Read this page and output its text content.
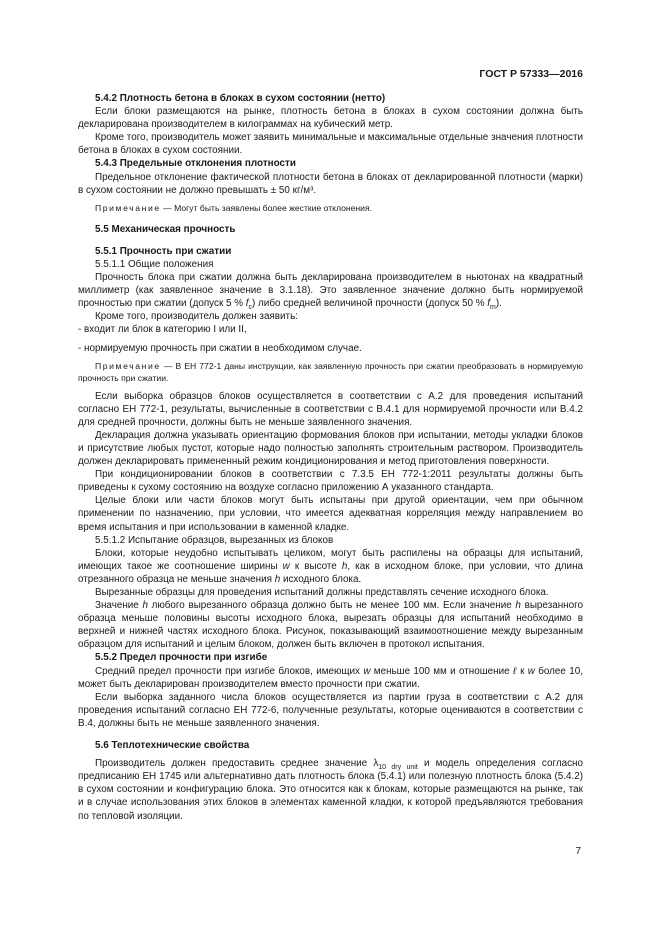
ГОСТ Р 57333—2016

5.4.2 Плотность бетона в блоках в сухом состоянии (нетто)

Если блоки размещаются на рынке, плотность бетона в блоках в сухом состоянии должна быть декларирована производителем в килограммах на кубический метр.

Кроме того, производитель может заявить минимальные и максимальные отдельные значения плотности бетона в блоках в сухом состоянии.

5.4.3 Предельные отклонения плотности

Предельное отклонение фактической плотности бетона в блоках от декларированной плотности (марки) в сухом состоянии не должно превышать ± 50 кг/м³.

Примечание — Могут быть заявлены более жесткие отклонения.

5.5 Механическая прочность

5.5.1 Прочность при сжатии

5.5.1.1 Общие положения

Прочность блока при сжатии должна быть декларирована производителем в ньютонах на квадратный миллиметр (как заявленное значение в 3.1.18). Это заявленное значение должно быть нормируемой прочностью при сжатии (допуск 5 % $f_c$) либо средней величиной прочности (допуск 50 % $f_m$).

Кроме того, производитель должен заявить:

- входит ли блок в категорию I или II,

- нормируемую прочность при сжатии в необходимом случае.

Примечание — В ЕН 772-1 даны инструкции, как заявленную прочность при сжатии преобразовать в нормируемую прочность при сжатии.

Если выборка образцов блоков осуществляется в соответствии с А.2 для проведения испытаний согласно ЕН 772-1, результаты, вычисленные в соответствии с В.4.1 для нормируемой прочности или В.4.2 для средней прочности, должны быть не меньше заявленного значения.

Декларация должна указывать ориентацию формования блоков при испытании, методы укладки блоков и присутствие любых пустот, которые надо полностью заполнять строительным раствором. Производитель должен декларировать примененный режим кондиционирования и метод приготовления поверхности.

При кондиционировании блоков в соответствии с 7.3.5 ЕН 772-1:2011 результаты должны быть приведены к сухому состоянию на воздухе согласно приложению А указанного стандарта.

Целые блоки или части блоков могут быть испытаны при другой ориентации, чем при обычном применении по назначению, при условии, что имеется адекватная корреляция между направлением во время испытания и при использовании в каменной кладке.

5.5.1.2 Испытание образцов, вырезанных из блоков

Блоки, которые неудобно испытывать целиком, могут быть распилены на образцы для испытаний, имеющих такое же соотношение ширины w к высоте h, как в исходном блоке, при условии, что длина отрезанного образца не меньше значения h исходного блока.

Вырезанные образцы для проведения испытаний должны представлять сечение исходного блока.

Значение h любого вырезанного образца должно быть не менее 100 мм. Если значение h вырезанного образца меньше половины высоты исходного блока, вырезать образцы для испытаний необходимо в верхней и нижней частях исходного блока. Рисунок, показывающий взаимоотношение между вырезанным образцом для испытаний и целым блоком, должен быть включен в протокол испытания.

5.5.2 Предел прочности при изгибе

Средний предел прочности при изгибе блоков, имеющих w меньше 100 мм и отношение ℓ к w более 10, может быть декларирован производителем вместо прочности при сжатии.

Если выборка заданного числа блоков осуществляется из партии груза в соответствии с А.2 для проведения испытаний согласно ЕН 772-6, полученные результаты, которые оцениваются в соответствии с В.4, должны быть не меньше заявленного значения.

5.6 Теплотехнические свойства

Производитель должен предоставить среднее значение $\lambda_{10 dry unit}$ и модель определения согласно предписанию ЕН 1745 или альтернативно дать плотность блока (5.4.1) или полезную плотность блока (5.4.2) в сухом состоянии и конфигурацию блока. Это относится как к блокам, которые размещаются на рынке, так и в случае использования этих блоков в элементах каменной кладки, к которой предъявляются требования по тепловой изоляции.

7
